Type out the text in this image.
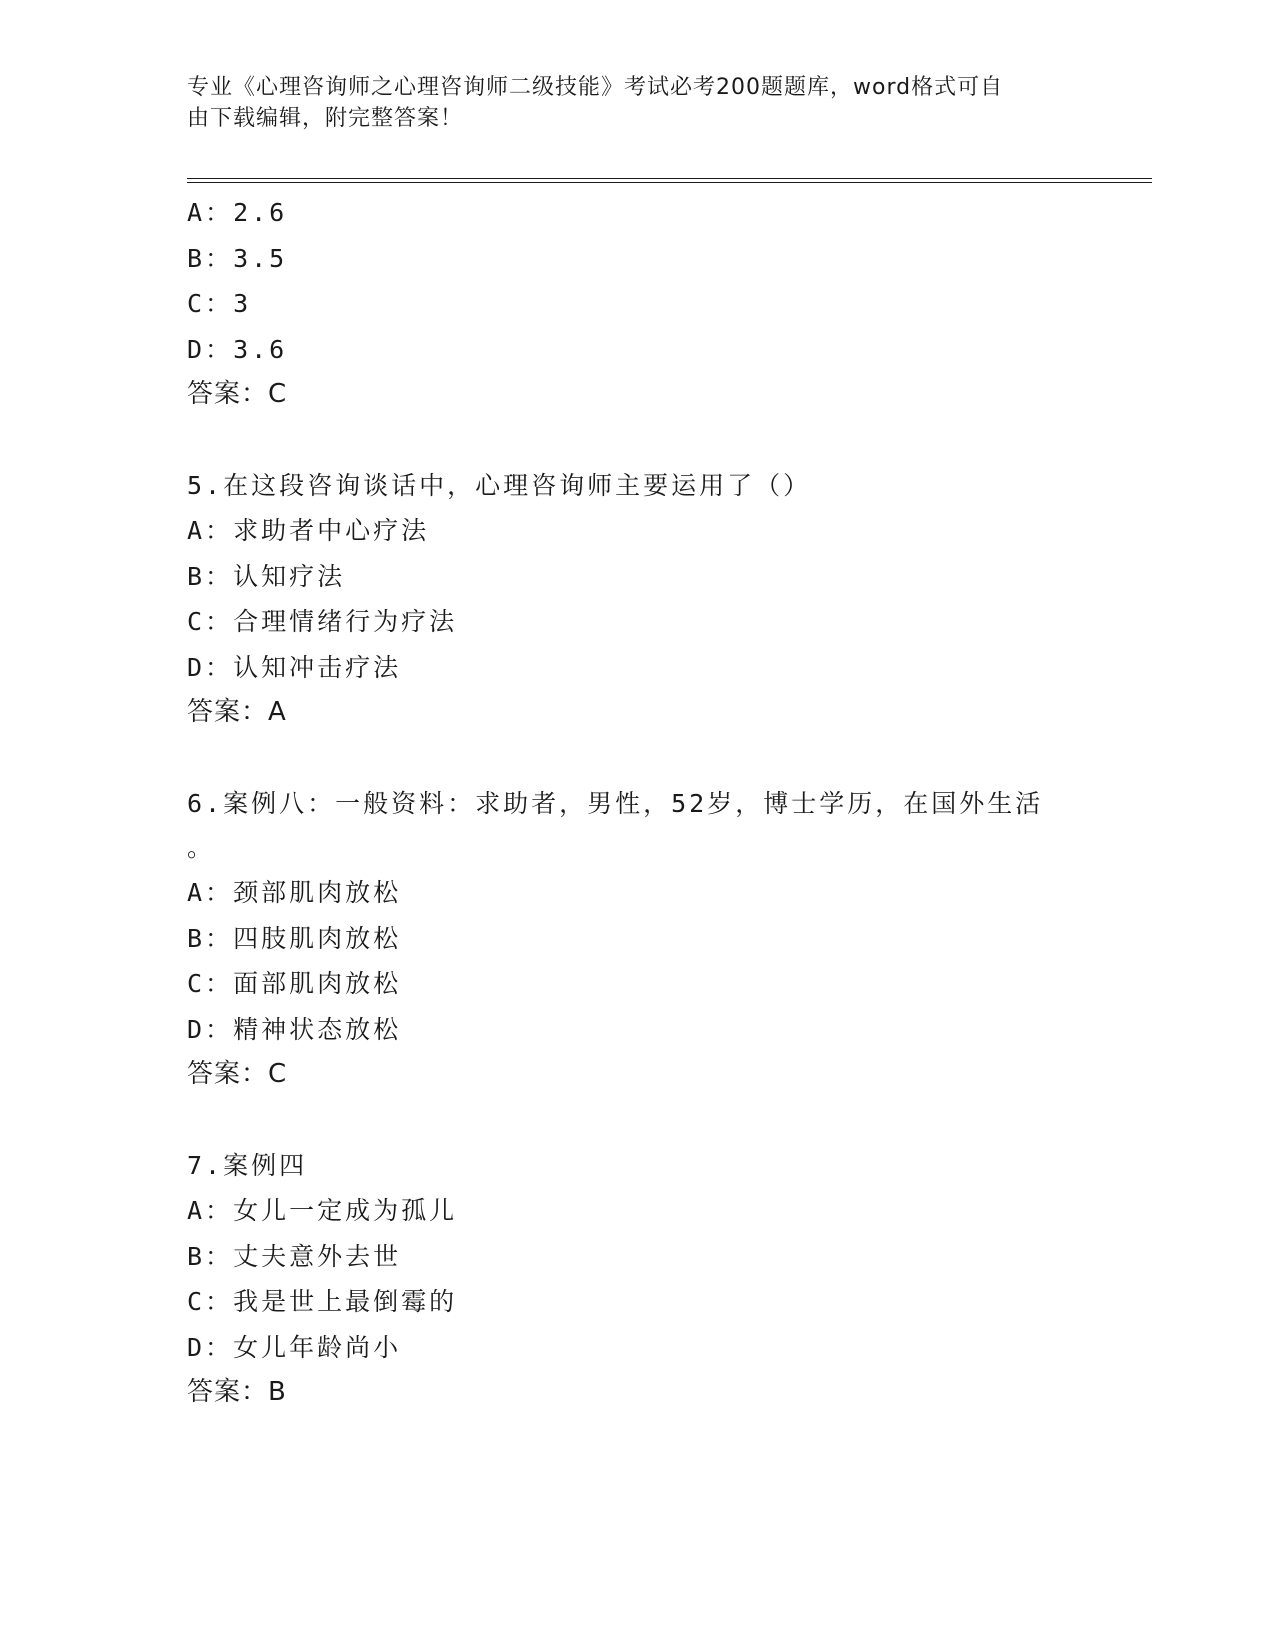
专业《心理咨询师之心理咨询师二级技能》考试必考200题题库，word格式可自
由下载编辑，附完整答案！
A：2.6
B：3.5
C：3
D：3.6
答案：C
5.在这段咨询谈话中，心理咨询师主要运用了（）
A：求助者中心疗法
B：认知疗法
C：合理情绪行为疗法
D：认知冲击疗法
答案：A
6.案例八：一般资料：求助者，男性，52岁，博士学历，在国外生活
。
A：颈部肌肉放松
B：四肢肌肉放松
C：面部肌肉放松
D：精神状态放松
答案：C
7.案例四
A：女儿一定成为孤儿
B：丈夫意外去世
C：我是世上最倒霉的
D：女儿年龄尚小
答案：B
